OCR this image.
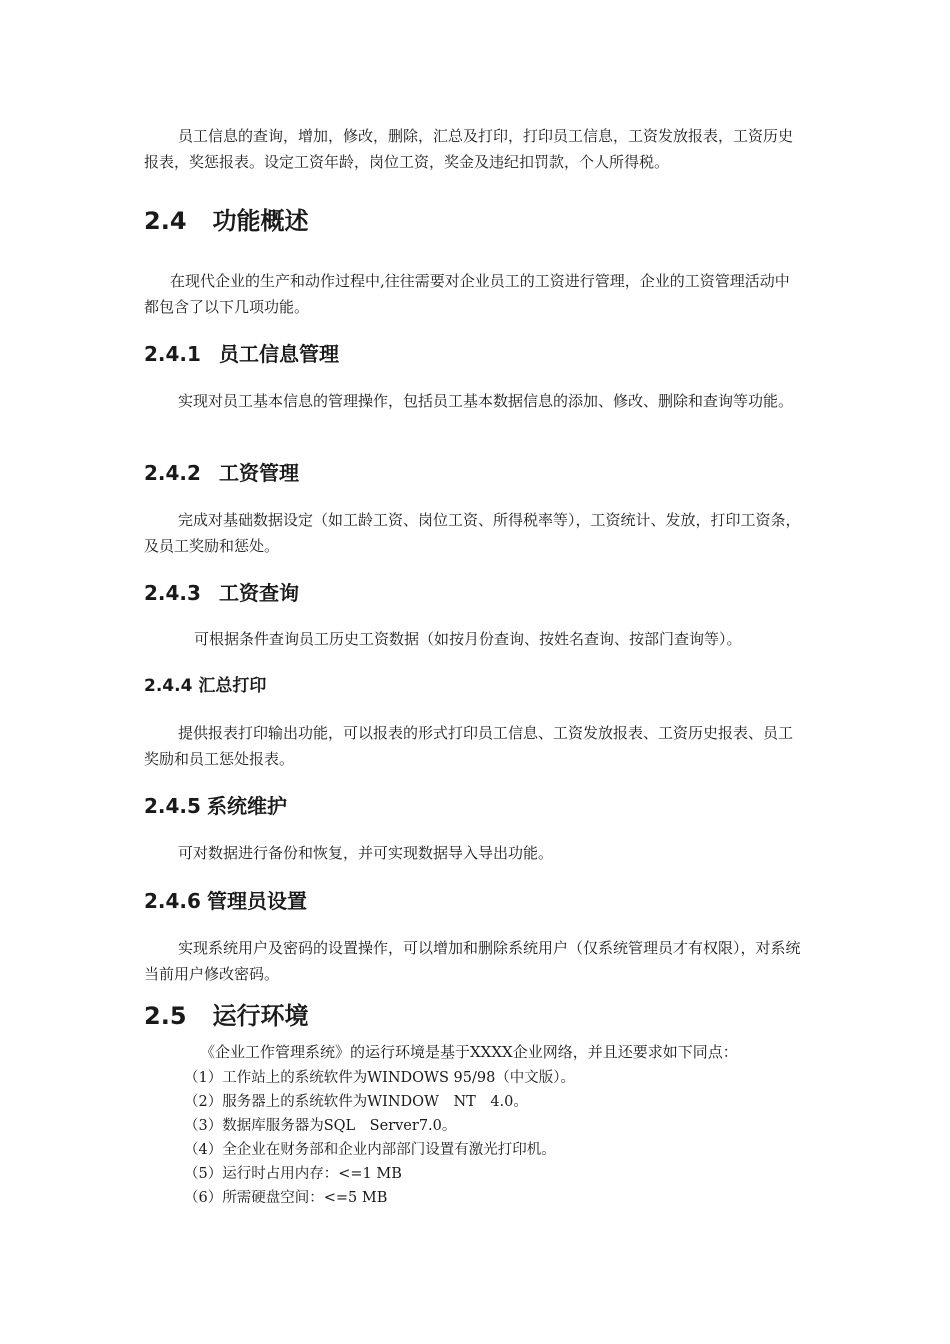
员工信息的查询，增加，修改，删除，汇总及打印，打印员工信息，工资发放报表，工资历史报表，奖惩报表。设定工资年龄，岗位工资，奖金及违纪扣罚款，个人所得税。

2.4 功能概述

在现代企业的生产和动作过程中,往往需要对企业员工的工资进行管理，企业的工资管理活动中都包含了以下几项功能。

2.4.1 员工信息管理

实现对员工基本信息的管理操作，包括员工基本数据信息的添加、修改、删除和查询等功能。

2.4.2 工资管理

完成对基础数据设定（如工龄工资、岗位工资、所得税率等），工资统计、发放，打印工资条，及员工奖励和惩处。

2.4.3 工资查询

可根据条件查询员工历史工资数据（如按月份查询、按姓名查询、按部门查询等）。

2.4.4 汇总打印

提供报表打印输出功能，可以报表的形式打印员工信息、工资发放报表、工资历史报表、员工奖励和员工惩处报表。

2.4.5 系统维护

可对数据进行备份和恢复，并可实现数据导入导出功能。

2.4.6 管理员设置

实现系统用户及密码的设置操作，可以增加和删除系统用户（仅系统管理员才有权限），对系统当前用户修改密码。

2.5 运行环境

《企业工作管理系统》的运行环境是基于XXXX企业网络，并且还要求如下同点：

（1）工作站上的系统软件为WINDOWS 95/98（中文版）。

（2）服务器上的系统软件为WINDOW　NT　4.0。

（3）数据库服务器为SQL　Server7.0。

（4）全企业在财务部和企业内部部门设置有激光打印机。

（5）运行时占用内存：<=1 MB

（6）所需硬盘空间：<=5 MB
